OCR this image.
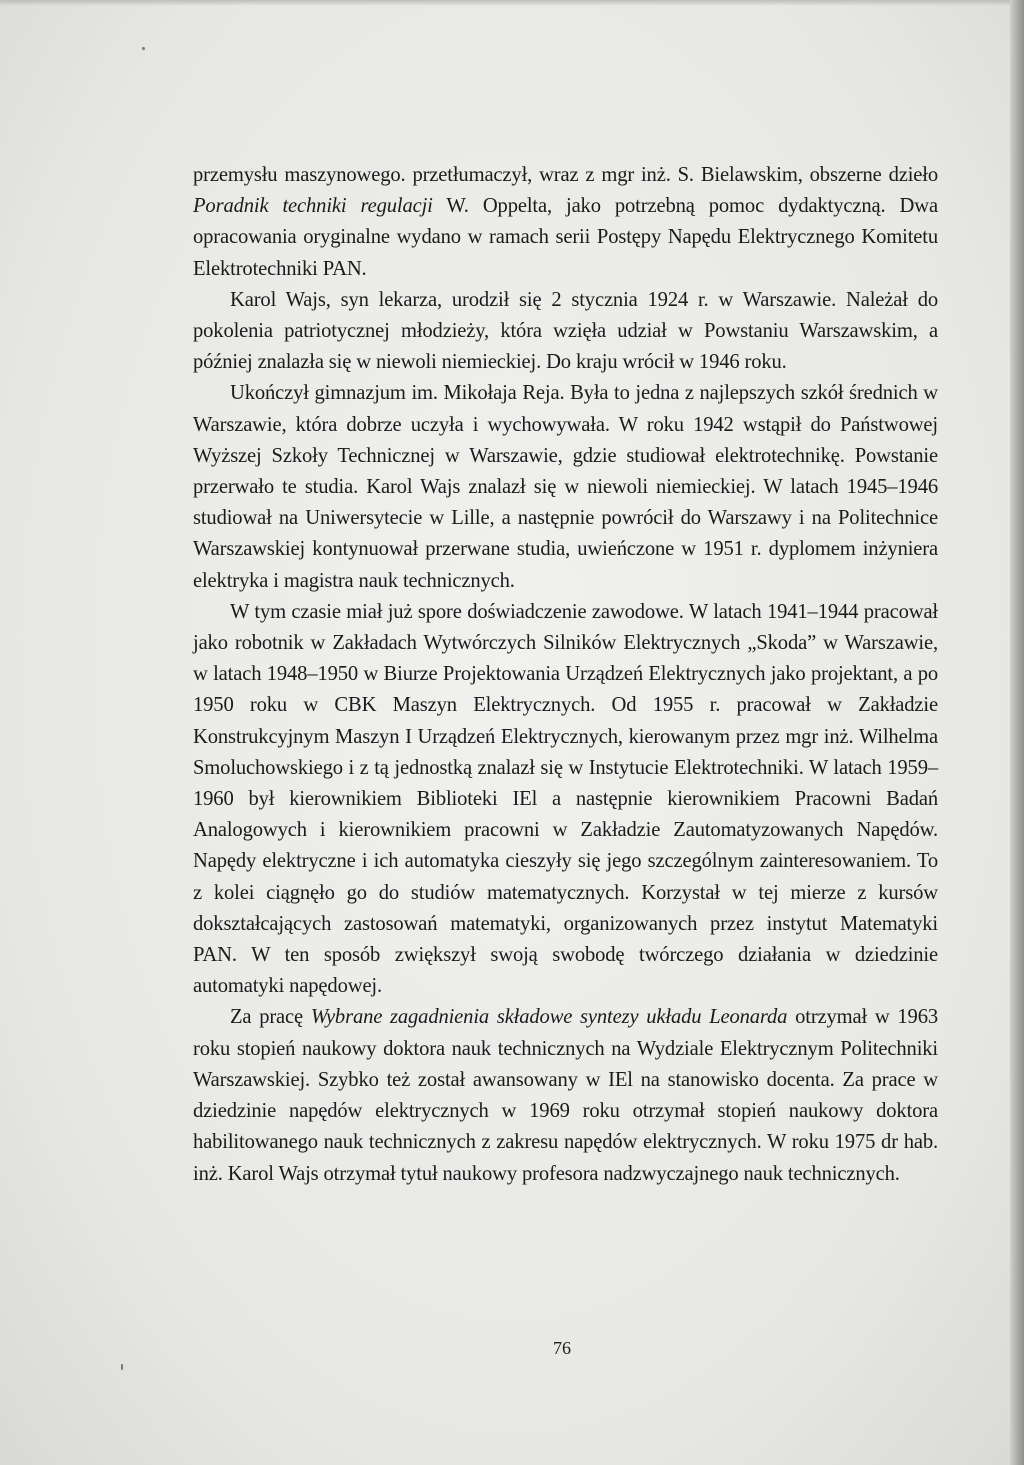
przemysłu maszynowego. przetłumaczył, wraz z mgr inż. S. Bielawskim, obszerne dzieło Poradnik techniki regulacji W. Oppelta, jako potrzebną pomoc dydaktyczną. Dwa opracowania oryginalne wydano w ramach serii Postępy Napędu Elektrycznego Komitetu Elektrotechniki PAN.

Karol Wajs, syn lekarza, urodził się 2 stycznia 1924 r. w Warszawie. Należał do pokolenia patriotycznej młodzieży, która wzięła udział w Powstaniu Warszawskim, a później znalazła się w niewoli niemieckiej. Do kraju wrócił w 1946 roku.

Ukończył gimnazjum im. Mikołaja Reja. Była to jedna z najlepszych szkół średnich w Warszawie, która dobrze uczyła i wychowywała. W roku 1942 wstąpił do Państwowej Wyższej Szkoły Technicznej w Warszawie, gdzie studiował elektrotechnikę. Powstanie przerwało te studia. Karol Wajs znalazł się w niewoli niemieckiej. W latach 1945–1946 studiował na Uniwersytecie w Lille, a następnie powrócił do Warszawy i na Politechnice Warszawskiej kontynuował przerwane studia, uwieńczone w 1951 r. dyplomem inżyniera elektryka i magistra nauk technicznych.

W tym czasie miał już spore doświadczenie zawodowe. W latach 1941–1944 pracował jako robotnik w Zakładach Wytwórczych Silników Elektrycznych „Skoda” w Warszawie, w latach 1948–1950 w Biurze Projektowania Urządzeń Elektrycznych jako projektant, a po 1950 roku w CBK Maszyn Elektrycznych. Od 1955 r. pracował w Zakładzie Konstrukcyjnym Maszyn I Urządzeń Elektrycznych, kierowanym przez mgr inż. Wilhelma Smoluchowskiego i z tą jednostką znalazł się w Instytucie Elektrotechniki. W latach 1959–1960 był kierownikiem Biblioteki IEl a następnie kierownikiem Pracowni Badań Analogowych i kierownikiem pracowni w Zakładzie Zautomatyzowanych Napędów. Napędy elektryczne i ich automatyka cieszyły się jego szczególnym zainteresowaniem. To z kolei ciągnęło go do studiów matematycznych. Korzystał w tej mierze z kursów dokształcających zastosowań matematyki, organizowanych przez instytut Matematyki PAN. W ten sposób zwiększył swoją swobodę twórczego działania w dziedzinie automatyki napędowej.

Za pracę Wybrane zagadnienia składowe syntezy układu Leonarda otrzymał w 1963 roku stopień naukowy doktora nauk technicznych na Wydziale Elektrycznym Politechniki Warszawskiej. Szybko też został awansowany w IEl na stanowisko docenta. Za prace w dziedzinie napędów elektrycznych w 1969 roku otrzymał stopień naukowy doktora habilitowanego nauk technicznych z zakresu napędów elektrycznych. W roku 1975 dr hab. inż. Karol Wajs otrzymał tytuł naukowy profesora nadzwyczajnego nauk technicznych.

76
